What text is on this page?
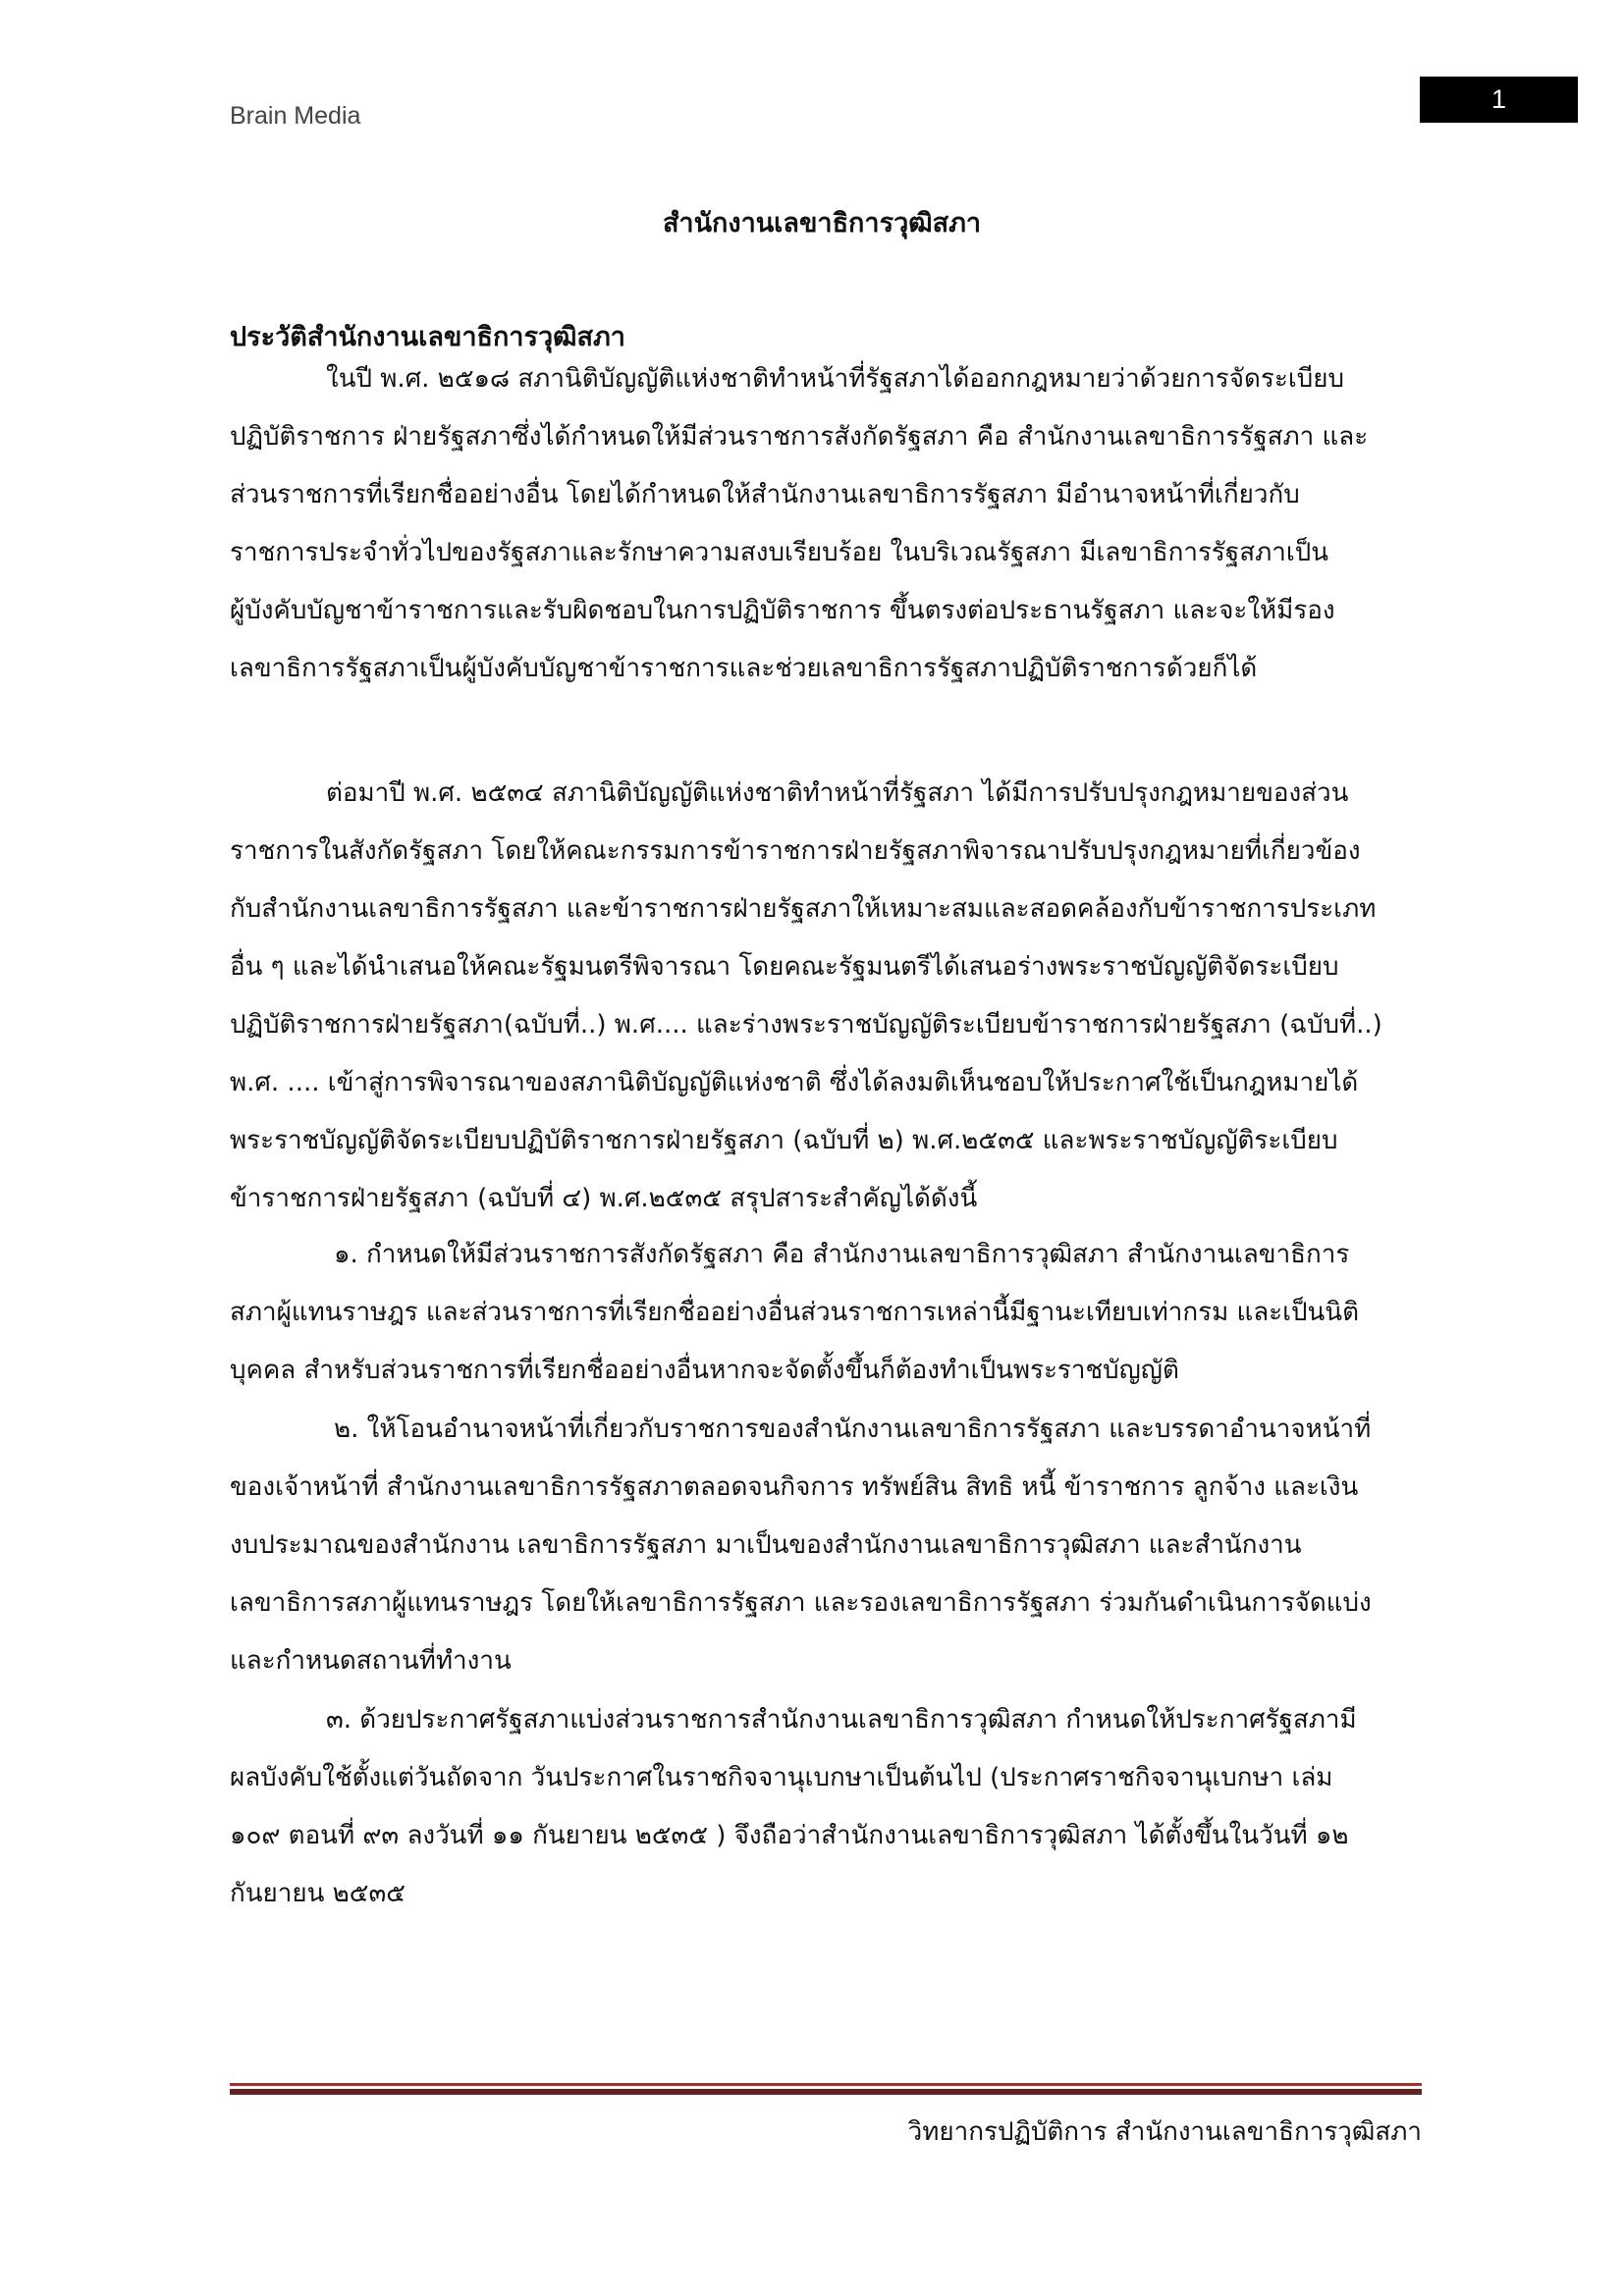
Brain Media
1
สำนักงานเลขาธิการวุฒิสภา
ประวัติสำนักงานเลขาธิการวุฒิสภา
ในปี พ.ศ. ๒๕๑๘ สภานิติบัญญัติแห่งชาติทำหน้าที่รัฐสภาได้ออกกฎหมายว่าด้วยการจัดระเบียบ
ปฏิบัติราชการ ฝ่ายรัฐสภาซึ่งได้กำหนดให้มีส่วนราชการสังกัดรัฐสภา คือ สำนักงานเลขาธิการรัฐสภา และ
ส่วนราชการที่เรียกชื่ออย่างอื่น โดยได้กำหนดให้สำนักงานเลขาธิการรัฐสภา มีอำนาจหน้าที่เกี่ยวกับ
ราชการประจำทั่วไปของรัฐสภาและรักษาความสงบเรียบร้อย ในบริเวณรัฐสภา มีเลขาธิการรัฐสภาเป็น
ผู้บังคับบัญชาข้าราชการและรับผิดชอบในการปฏิบัติราชการ ขึ้นตรงต่อประธานรัฐสภา และจะให้มีรอง
เลขาธิการรัฐสภาเป็นผู้บังคับบัญชาข้าราชการและช่วยเลขาธิการรัฐสภาปฏิบัติราชการด้วยก็ได้
ต่อมาปี พ.ศ. ๒๕๓๔ สภานิติบัญญัติแห่งชาติทำหน้าที่รัฐสภา ได้มีการปรับปรุงกฎหมายของส่วน
ราชการในสังกัดรัฐสภา โดยให้คณะกรรมการข้าราชการฝ่ายรัฐสภาพิจารณาปรับปรุงกฎหมายที่เกี่ยวข้อง
กับสำนักงานเลขาธิการรัฐสภา และข้าราชการฝ่ายรัฐสภาให้เหมาะสมและสอดคล้องกับข้าราชการประเภท
อื่น ๆ และได้นำเสนอให้คณะรัฐมนตรีพิจารณา โดยคณะรัฐมนตรีได้เสนอร่างพระราชบัญญัติจัดระเบียบ
ปฏิบัติราชการฝ่ายรัฐสภา(ฉบับที่..) พ.ศ.... และร่างพระราชบัญญัติระเบียบข้าราชการฝ่ายรัฐสภา (ฉบับที่..)
พ.ศ. .... เข้าสู่การพิจารณาของสภานิติบัญญัติแห่งชาติ ซึ่งได้ลงมติเห็นชอบให้ประกาศใช้เป็นกฎหมายได้
พระราชบัญญัติจัดระเบียบปฏิบัติราชการฝ่ายรัฐสภา (ฉบับที่ ๒) พ.ศ.๒๕๓๕ และพระราชบัญญัติระเบียบ
ข้าราชการฝ่ายรัฐสภา (ฉบับที่ ๔) พ.ศ.๒๕๓๕ สรุปสาระสำคัญได้ดังนี้
๑. กำหนดให้มีส่วนราชการสังกัดรัฐสภา คือ สำนักงานเลขาธิการวุฒิสภา สำนักงานเลขาธิการ
สภาผู้แทนราษฎร และส่วนราชการที่เรียกชื่ออย่างอื่นส่วนราชการเหล่านี้มีฐานะเทียบเท่ากรม และเป็นนิติ
บุคคล สำหรับส่วนราชการที่เรียกชื่ออย่างอื่นหากจะจัดตั้งขึ้นก็ต้องทำเป็นพระราชบัญญัติ
๒. ให้โอนอำนาจหน้าที่เกี่ยวกับราชการของสำนักงานเลขาธิการรัฐสภา และบรรดาอำนาจหน้าที่
ของเจ้าหน้าที่ สำนักงานเลขาธิการรัฐสภาตลอดจนกิจการ ทรัพย์สิน สิทธิ หนี้ ข้าราชการ ลูกจ้าง และเงิน
งบประมาณของสำนักงาน เลขาธิการรัฐสภา มาเป็นของสำนักงานเลขาธิการวุฒิสภา และสำนักงาน
เลขาธิการสภาผู้แทนราษฎร โดยให้เลขาธิการรัฐสภา และรองเลขาธิการรัฐสภา ร่วมกันดำเนินการจัดแบ่ง
และกำหนดสถานที่ทำงาน
๓. ด้วยประกาศรัฐสภาแบ่งส่วนราชการสำนักงานเลขาธิการวุฒิสภา กำหนดให้ประกาศรัฐสภามี
ผลบังคับใช้ตั้งแต่วันถัดจาก วันประกาศในราชกิจจานุเบกษาเป็นต้นไป (ประกาศราชกิจจานุเบกษา เล่ม
๑๐๙ ตอนที่ ๙๓ ลงวันที่ ๑๑ กันยายน ๒๕๓๕ ) จึงถือว่าสำนักงานเลขาธิการวุฒิสภา ได้ตั้งขึ้นในวันที่ ๑๒
กันยายน ๒๕๓๕
วิทยากรปฏิบัติการ สำนักงานเลขาธิการวุฒิสภา
